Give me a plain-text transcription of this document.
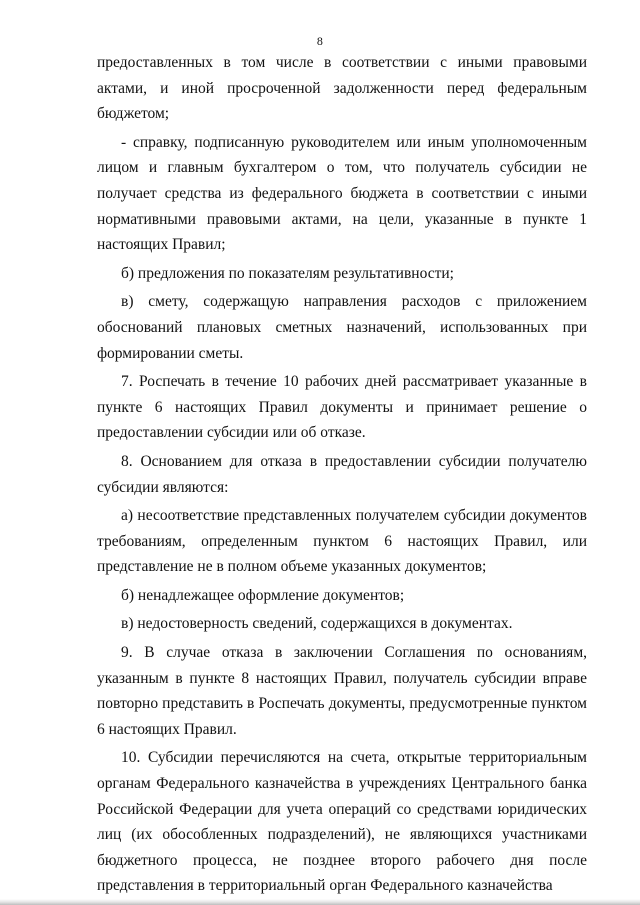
8

предоставленных в том числе в соответствии с иными правовыми актами, и иной просроченной задолженности перед федеральным бюджетом;

- справку, подписанную руководителем или иным уполномоченным лицом и главным бухгалтером о том, что получатель субсидии не получает средства из федерального бюджета в соответствии с иными нормативными правовыми актами, на цели, указанные в пункте 1 настоящих Правил;

б) предложения по показателям результативности;

в) смету, содержащую направления расходов с приложением обоснований плановых сметных назначений, использованных при формировании сметы.

7. Роспечать в течение 10 рабочих дней рассматривает указанные в пункте 6 настоящих Правил документы и принимает решение о предоставлении субсидии или об отказе.

8. Основанием для отказа в предоставлении субсидии получателю субсидии являются:

а) несоответствие представленных получателем субсидии документов требованиям, определенным пунктом 6 настоящих Правил, или представление не в полном объеме указанных документов;

б) ненадлежащее оформление документов;

в) недостоверность сведений, содержащихся в документах.

9. В случае отказа в заключении Соглашения по основаниям, указанным в пункте 8 настоящих Правил, получатель субсидии вправе повторно представить в Роспечать документы, предусмотренные пунктом 6 настоящих Правил.

10. Субсидии перечисляются на счета, открытые территориальным органам Федерального казначейства в учреждениях Центрального банка Российской Федерации для учета операций со средствами юридических лиц (их обособленных подразделений), не являющихся участниками бюджетного процесса, не позднее второго рабочего дня после представления в территориальный орган Федерального казначейства
